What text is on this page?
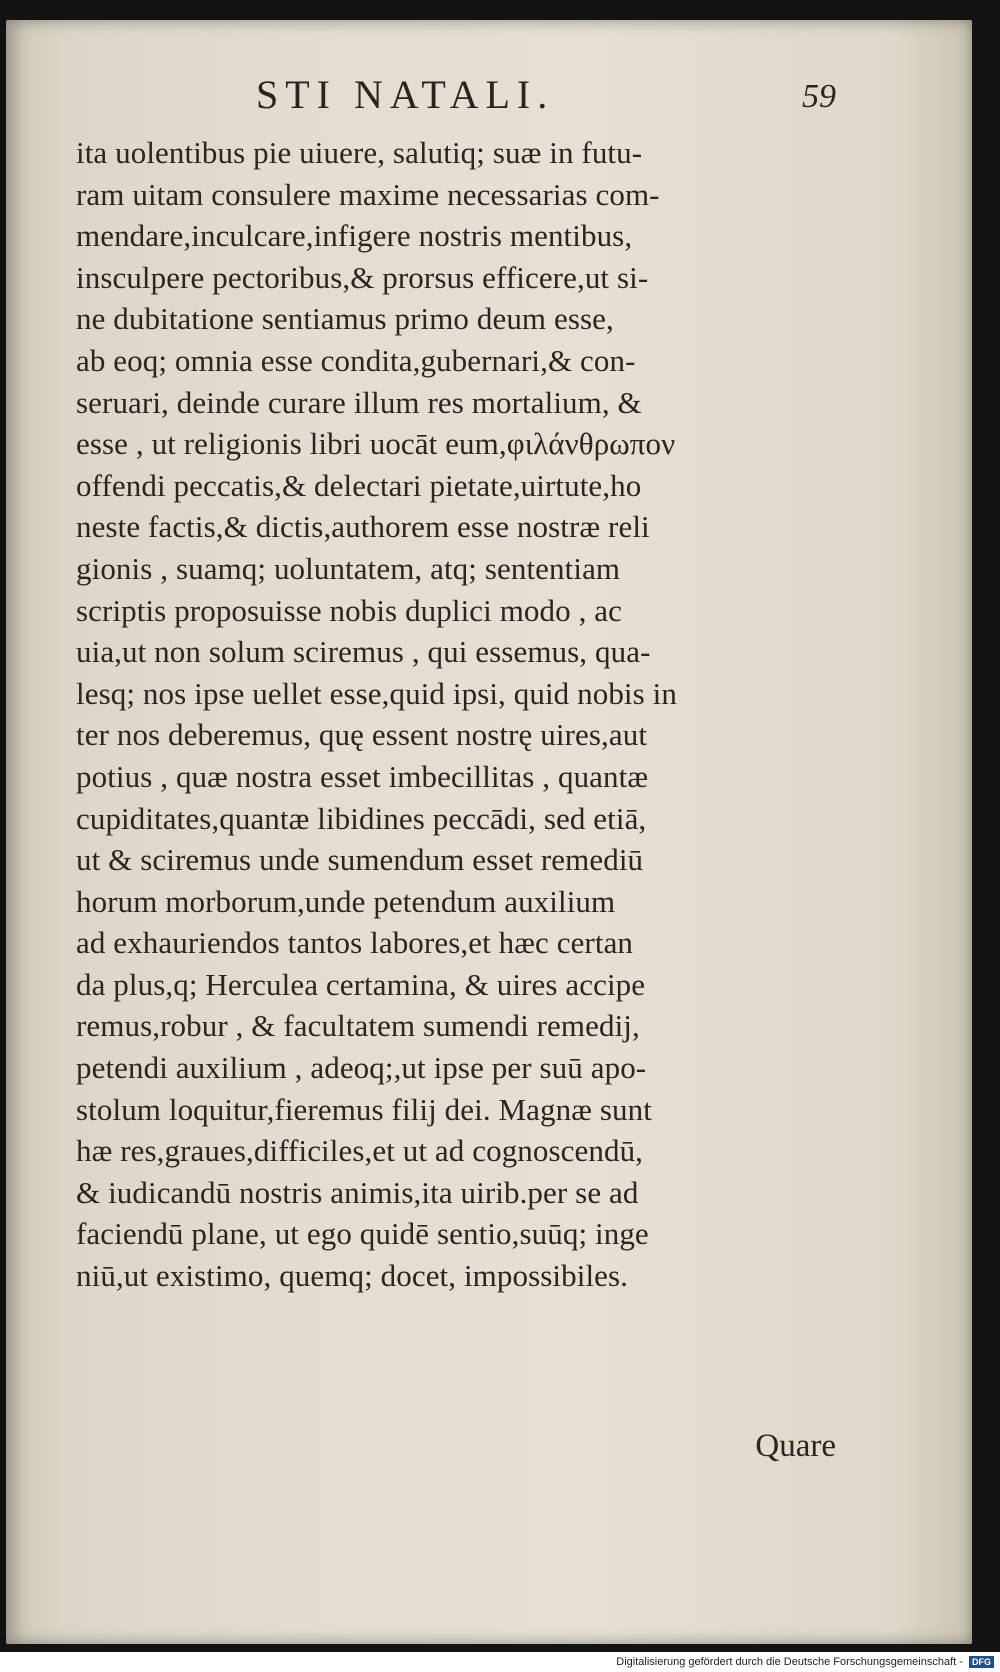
STI NATALI.	59
ita uolentibus pie uiuere, salutiq; suæ in futu-
ram uitam consulere maxime necessarias com-
mendare,inculcare,infigere nostris mentibus,
insculpere pectoribus,& prorsus efficere,ut si-
ne dubitatione sentiamus primo deum esse,
ab eoq; omnia esse condita,gubernari,& con-
seruari, deinde curare illum res mortalium, &
esse , ut religionis libri uocāt eum,φιλάνθρωπον
offendi peccatis,& delectari pietate,uirtute,ho
neste factis,& dictis,authorem esse nostræ reli
gionis , suamq; uoluntatem, atq; sententiam
scriptis proposuisse nobis duplici modo , ac
uia,ut non solum sciremus , qui essemus, qua-
lesq; nos ipse uellet esse,quid ipsi, quid nobis in
ter nos deberemus, quę essent nostrę uires,aut
potius , quæ nostra esset imbecillitas , quantæ
cupiditates,quantæ libidines peccādi, sed etiā,
ut & sciremus unde sumendum esset remediū
horum morborum,unde petendum auxilium
ad exhauriendos tantos labores,et hæc certan
da plus,q; Herculea certamina, & uires accipe
remus,robur , & facultatem sumendi remedij,
petendi auxilium , adeoq;,ut ipse per suū apo-
stolum loquitur,fieremus filij dei. Magnæ sunt
hæ res,graues,difficiles,et ut ad cognoscendū,
& iudicandū nostris animis,ita uirib.per se ad
faciendū plane, ut ego quidē sentio,suūq; inge
niū,ut existimo, quemq; docet, impossibiles.
Quare
Digitalisierung gefördert durch die Deutsche Forschungsgemeinschaft - DFG
